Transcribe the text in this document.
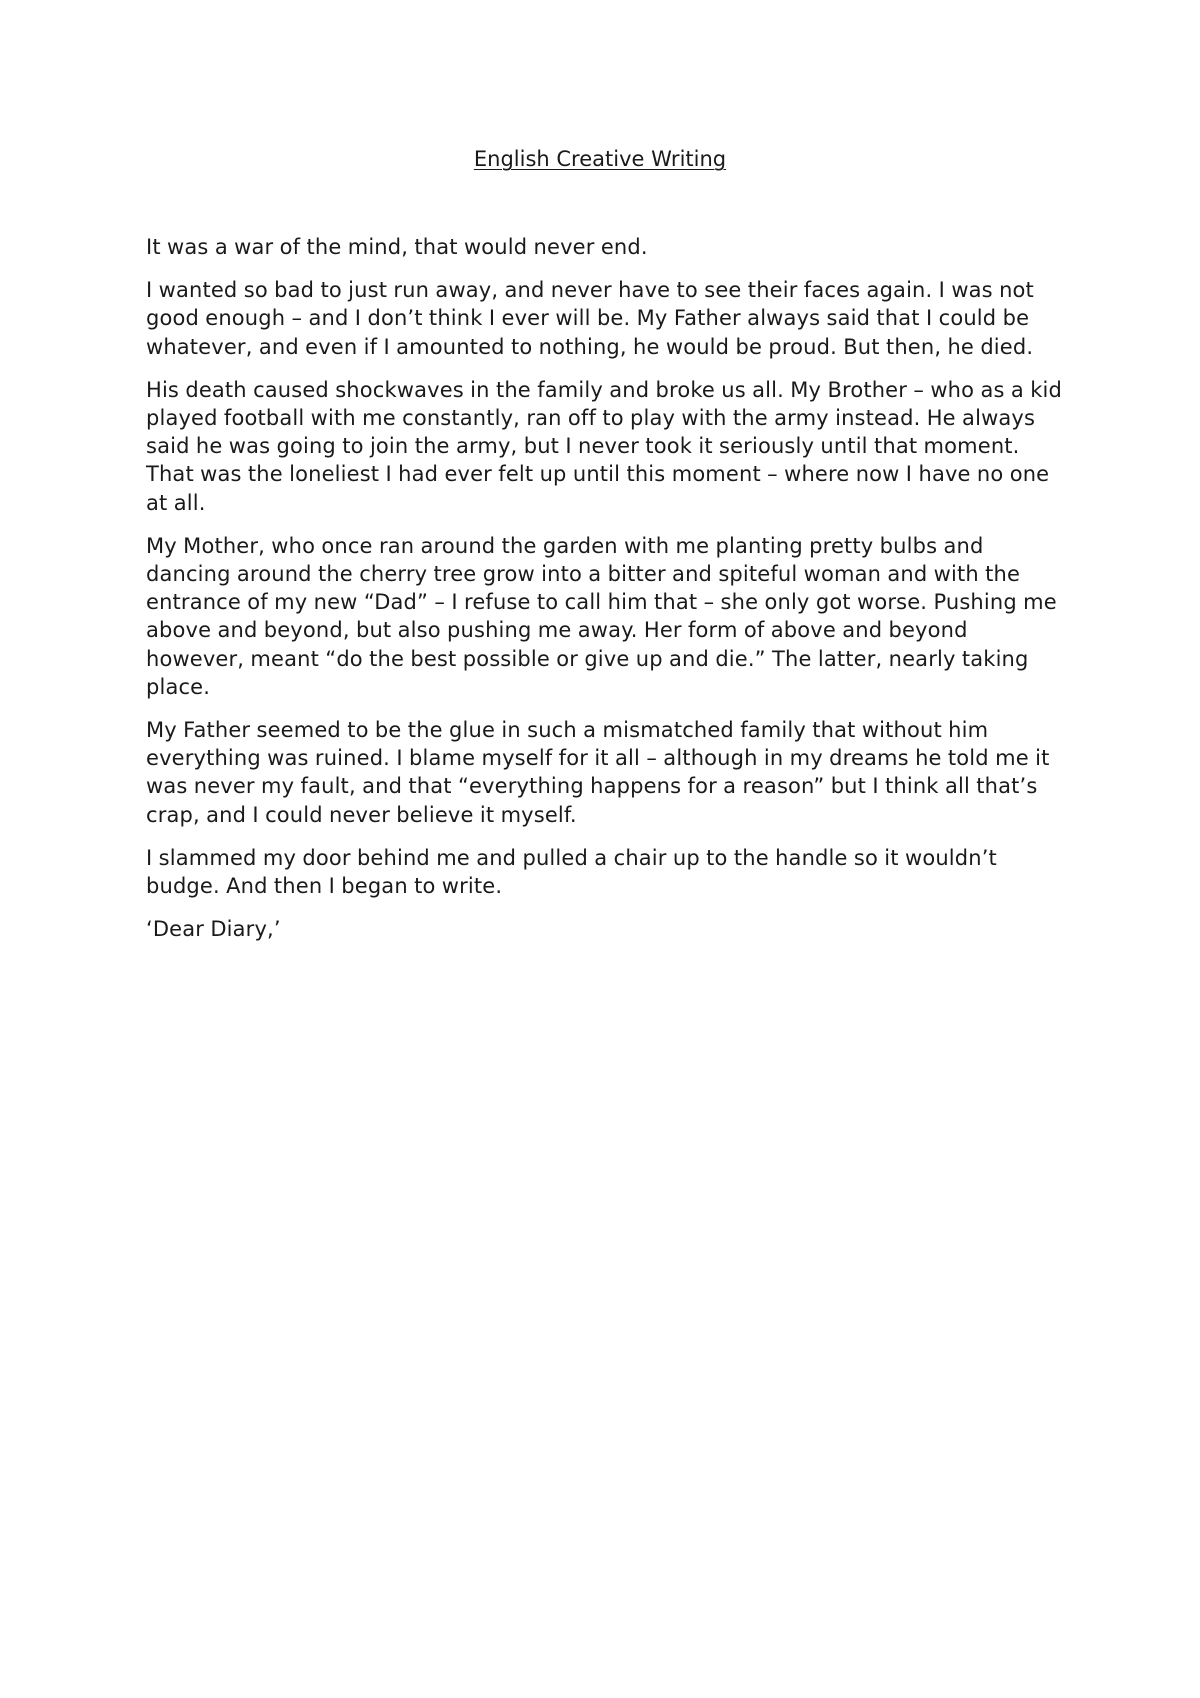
English Creative Writing

It was a war of the mind, that would never end.

I wanted so bad to just run away, and never have to see their faces again. I was not good enough – and I don’t think I ever will be. My Father always said that I could be whatever, and even if I amounted to nothing, he would be proud. But then, he died.

His death caused shockwaves in the family and broke us all. My Brother – who as a kid played football with me constantly, ran off to play with the army instead. He always said he was going to join the army, but I never took it seriously until that moment. That was the loneliest I had ever felt up until this moment – where now I have no one at all.

My Mother, who once ran around the garden with me planting pretty bulbs and dancing around the cherry tree grow into a bitter and spiteful woman and with the entrance of my new “Dad” – I refuse to call him that – she only got worse. Pushing me above and beyond, but also pushing me away. Her form of above and beyond however, meant “do the best possible or give up and die.” The latter, nearly taking place.

My Father seemed to be the glue in such a mismatched family that without him everything was ruined. I blame myself for it all – although in my dreams he told me it was never my fault, and that “everything happens for a reason” but I think all that’s crap, and I could never believe it myself.

I slammed my door behind me and pulled a chair up to the handle so it wouldn’t budge. And then I began to write.

‘Dear Diary,’
